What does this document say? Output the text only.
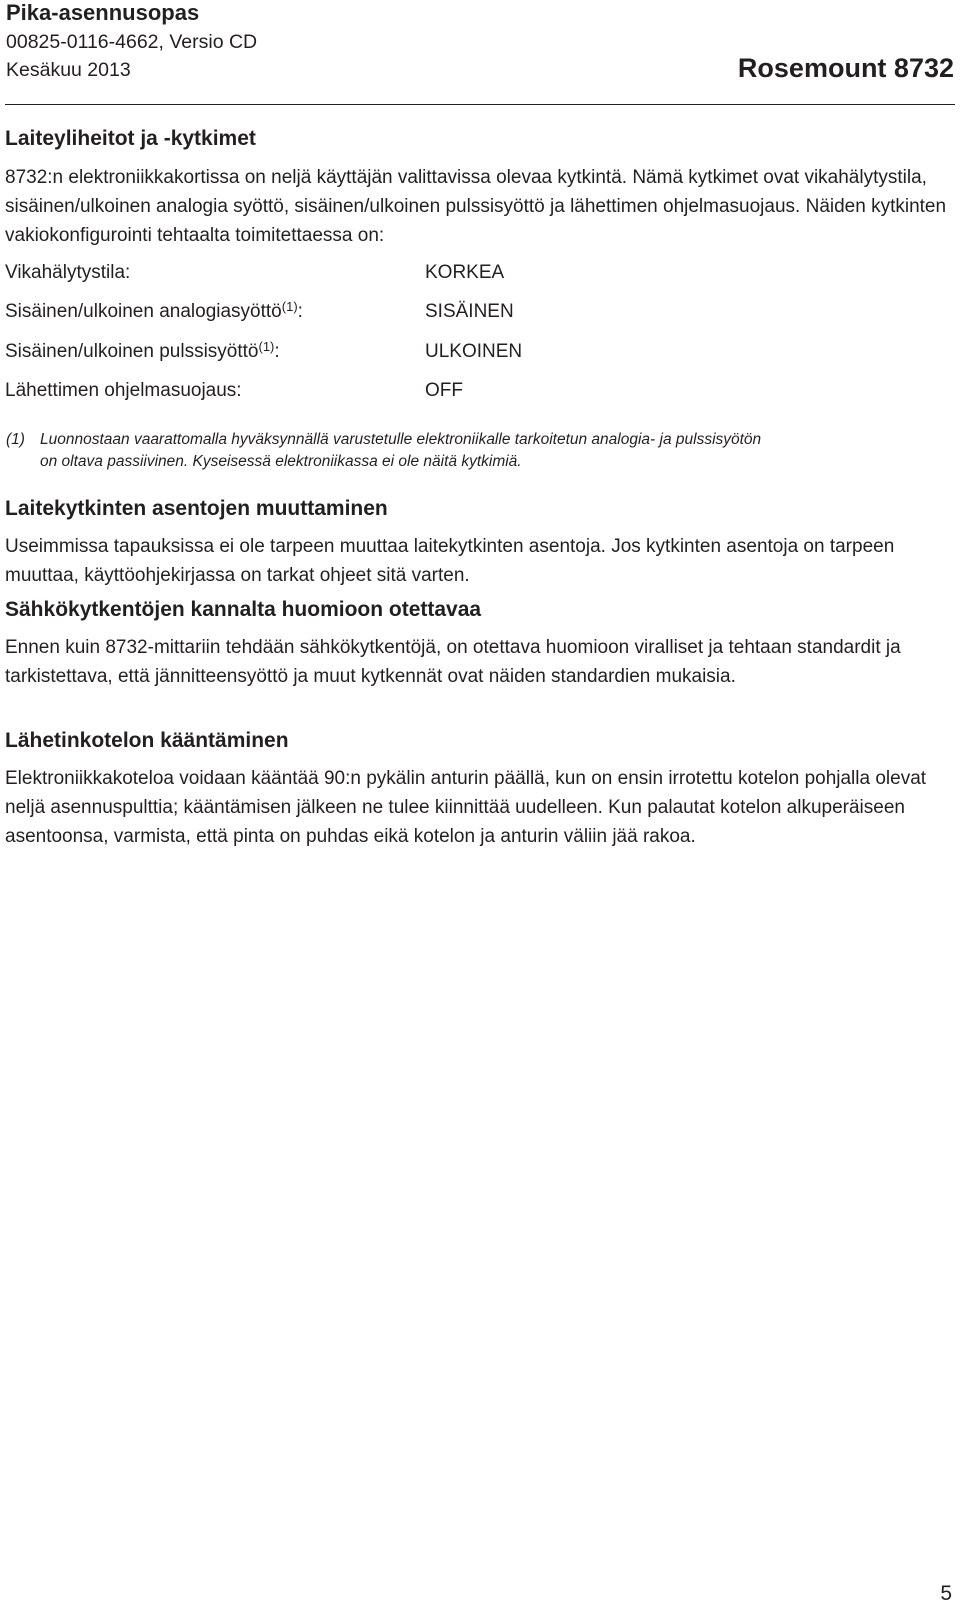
Pika-asennusopas
00825-0116-4662, Versio CD
Kesäkuu 2013	Rosemount 8732
Laiteyliheitot ja -kytkimet
8732:n elektroniikkakortissa on neljä käyttäjän valittavissa olevaa kytkintä. Nämä kytkimet ovat vikahälytystila, sisäinen/ulkoinen analogia syöttö, sisäinen/ulkoinen pulssisyöttö ja lähettimen ohjelmasuojaus. Näiden kytkinten vakiokonfigurointi tehtaalta toimitettaessa on:
Vikahälytystila:	KORKEA
Sisäinen/ulkoinen analogiasyöttö$^{(1)}$:	SISÄINEN
Sisäinen/ulkoinen pulssisyöttö$^{(1)}$:	ULKOINEN
Lähettimen ohjelmasuojaus:	OFF
(1) Luonnostaan vaarattomalla hyväksynnällä varustetulle elektroniikalle tarkoitetun analogia- ja pulssisyötön
on oltava passiivinen. Kyseisessä elektroniikassa ei ole näitä kytkimiä.
Laitekytkinten asentojen muuttaminen
Useimmissa tapauksissa ei ole tarpeen muuttaa laitekytkinten asentoja. Jos kytkinten asentoja on tarpeen muuttaa, käyttöohjekirjassa on tarkat ohjeet sitä varten.
Sähkökytkentöjen kannalta huomioon otettavaa
Ennen kuin 8732-mittariin tehdään sähkökytkentöjä, on otettava huomioon viralliset ja tehtaan standardit ja tarkistettava, että jännitteensyöttö ja muut kytkennät ovat näiden standardien mukaisia.
Lähetinkotelon kääntäminen
Elektroniikkakoteloa voidaan kääntää 90:n pykälin anturin päällä, kun on ensin irrotettu kotelon pohjalla olevat neljä asennuspulttia; kääntämisen jälkeen ne tulee kiinnittää uudelleen. Kun palautat kotelon alkuperäiseen asentoonsa, varmista, että pinta on puhdas eikä kotelon ja anturin väliin jää rakoa.
5
